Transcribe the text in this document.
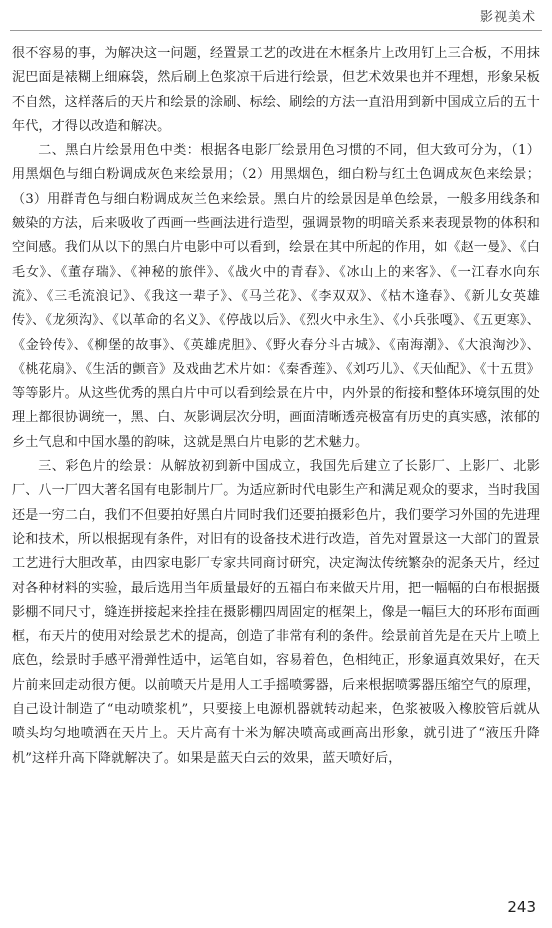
影视美术

很不容易的事，为解决这一问题，经置景工艺的改进在木框条片上改用钉上三合板，不用抹泥巴面是裱糊上细麻袋，然后刷上色浆凉干后进行绘景，但艺术效果也并不理想，形象呆板不自然，这样落后的天片和绘景的涂刷、标绘、刷绘的方法一直沿用到新中国成立后的五十年代，才得以改造和解决。

二、黑白片绘景用色中类：根据各电影厂绘景用色习惯的不同，但大致可分为，（1）用黑烟色与细白粉调成灰色来绘景用；（2）用黑烟色，细白粉与红土色调成灰色来绘景；（3）用群青色与细白粉调成灰兰色来绘景。黑白片的绘景因是单色绘景，一般多用线条和皴染的方法，后来吸收了西画一些画法进行造型，强调景物的明暗关系来表现景物的体积和空间感。我们从以下的黑白片电影中可以看到，绘景在其中所起的作用，如《赵一曼》、《白毛女》、《董存瑞》、《神秘的旅伴》、《战火中的青春》、《冰山上的来客》、《一江春水向东流》、《三毛流浪记》、《我这一辈子》、《马兰花》、《李双双》、《枯木逢春》、《新儿女英雄传》、《龙须沟》、《以革命的名义》、《停战以后》、《烈火中永生》、《小兵张嘎》、《五更寒》、《金铃传》、《柳堡的故事》、《英雄虎胆》、《野火春分斗古城》、《南海潮》、《大浪淘沙》、《桃花扇》、《生活的颤音》及戏曲艺术片如：《秦香莲》、《刘巧儿》、《天仙配》、《十五贯》等等影片。从这些优秀的黑白片中可以看到绘景在片中，内外景的衔接和整体环境氛围的处理上都很协调统一，黑、白、灰影调层次分明，画面清晰透亮极富有历史的真实感，浓郁的乡土气息和中国水墨的韵味，这就是黑白片电影的艺术魅力。

三、彩色片的绘景：从解放初到新中国成立，我国先后建立了长影厂、上影厂、北影厂、八一厂四大著名国有电影制片厂。为适应新时代电影生产和满足观众的要求，当时我国还是一穷二白，我们不但要拍好黑白片同时我们还要拍摄彩色片，我们要学习外国的先进理论和技术，所以根据现有条件，对旧有的设备技术进行改造，首先对置景这一大部门的置景工艺进行大胆改革，由四家电影厂专家共同商讨研究，决定淘汰传统繁杂的泥条天片，经过对各种材料的实验，最后选用当年质量最好的五福白布来做天片用，把一幅幅的白布根据摄影棚不同尺寸，缝连拼接起来拴挂在摄影棚四周固定的框架上，像是一幅巨大的环形布面画框，布天片的使用对绘景艺术的提高，创造了非常有利的条件。绘景前首先是在天片上喷上底色，绘景时手感平滑弹性适中，运笔自如，容易着色，色相纯正，形象逼真效果好，在天片前来回走动很方便。以前喷天片是用人工手摇喷雾器，后来根据喷雾器压缩空气的原理，自己设计制造了“电动喷浆机”，只要接上电源机器就转动起来，色浆被吸入橡胶管后就从喷头均匀地喷洒在天片上。天片高有十米为解决喷高或画高出形象，就引进了“液压升降机”这样升高下降就解决了。如果是蓝天白云的效果，蓝天喷好后，

243
